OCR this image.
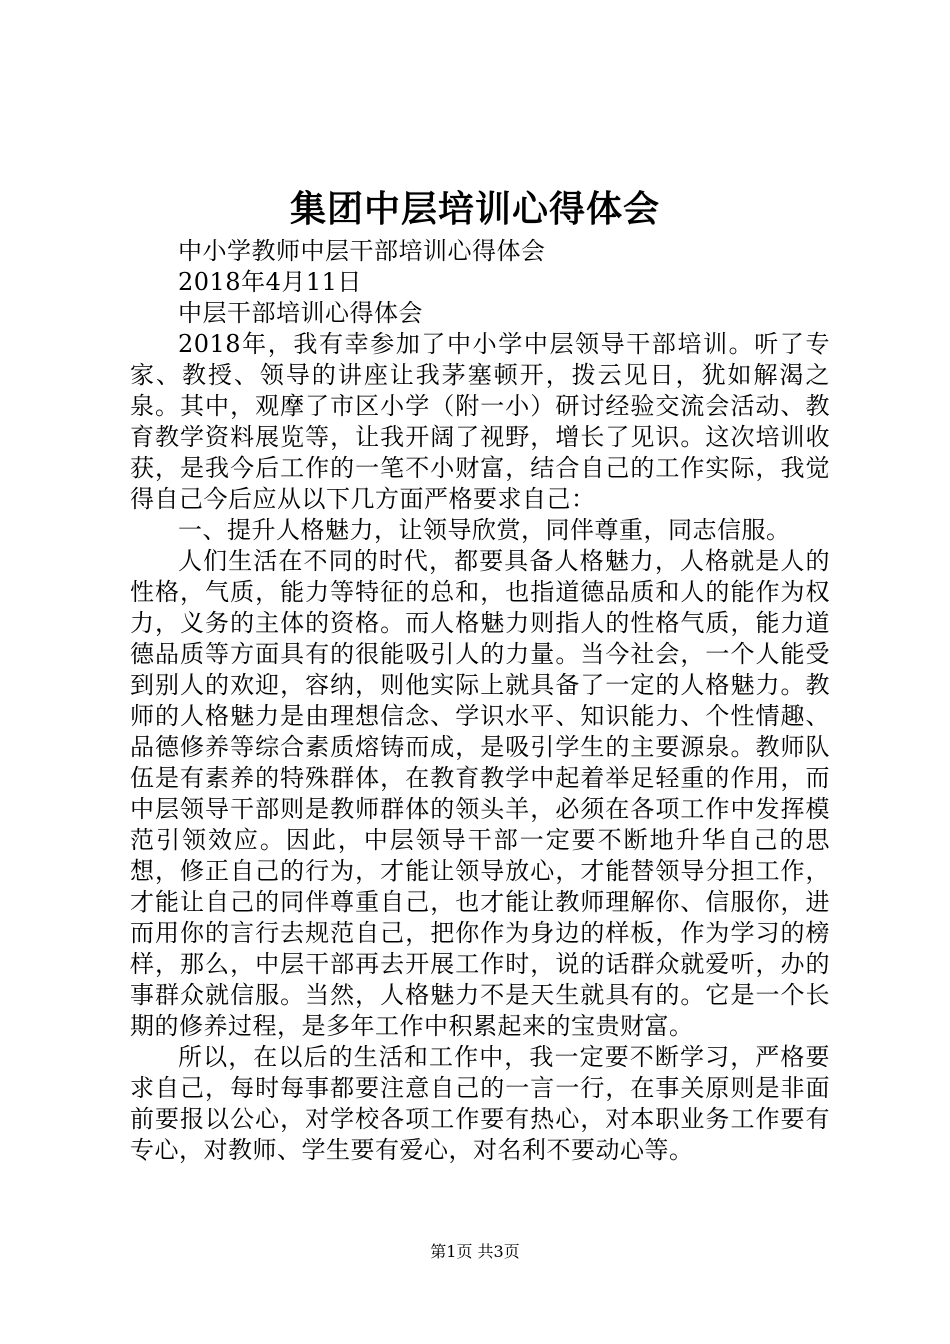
集团中层培训心得体会

中小学教师中层干部培训心得体会

2018年4月11日

中层干部培训心得体会

2018年，我有幸参加了中小学中层领导干部培训。听了专家、教授、领导的讲座让我茅塞顿开，拨云见日，犹如解渴之泉。其中，观摩了市区小学（附一小）研讨经验交流会活动、教育教学资料展览等，让我开阔了视野，增长了见识。这次培训收获，是我今后工作的一笔不小财富，结合自己的工作实际，我觉得自己今后应从以下几方面严格要求自己：

一、提升人格魅力，让领导欣赏，同伴尊重，同志信服。

人们生活在不同的时代，都要具备人格魅力，人格就是人的性格，气质，能力等特征的总和，也指道德品质和人的能作为权力，义务的主体的资格。而人格魅力则指人的性格气质，能力道德品质等方面具有的很能吸引人的力量。当今社会，一个人能受到别人的欢迎，容纳，则他实际上就具备了一定的人格魅力。教师的人格魅力是由理想信念、学识水平、知识能力、个性情趣、品德修养等综合素质熔铸而成，是吸引学生的主要源泉。教师队伍是有素养的特殊群体，在教育教学中起着举足轻重的作用，而中层领导干部则是教师群体的领头羊，必须在各项工作中发挥模范引领效应。因此，中层领导干部一定要不断地升华自己的思想，修正自己的行为，才能让领导放心，才能替领导分担工作，才能让自己的同伴尊重自己，也才能让教师理解你、信服你，进而用你的言行去规范自己，把你作为身边的样板，作为学习的榜样，那么，中层干部再去开展工作时，说的话群众就爱听，办的事群众就信服。当然，人格魅力不是天生就具有的。它是一个长期的修养过程，是多年工作中积累起来的宝贵财富。

所以，在以后的生活和工作中，我一定要不断学习，严格要求自己，每时每事都要注意自己的一言一行，在事关原则是非面前要报以公心，对学校各项工作要有热心，对本职业务工作要有专心，对教师、学生要有爱心，对名利不要动心等。

第1页 共3页
